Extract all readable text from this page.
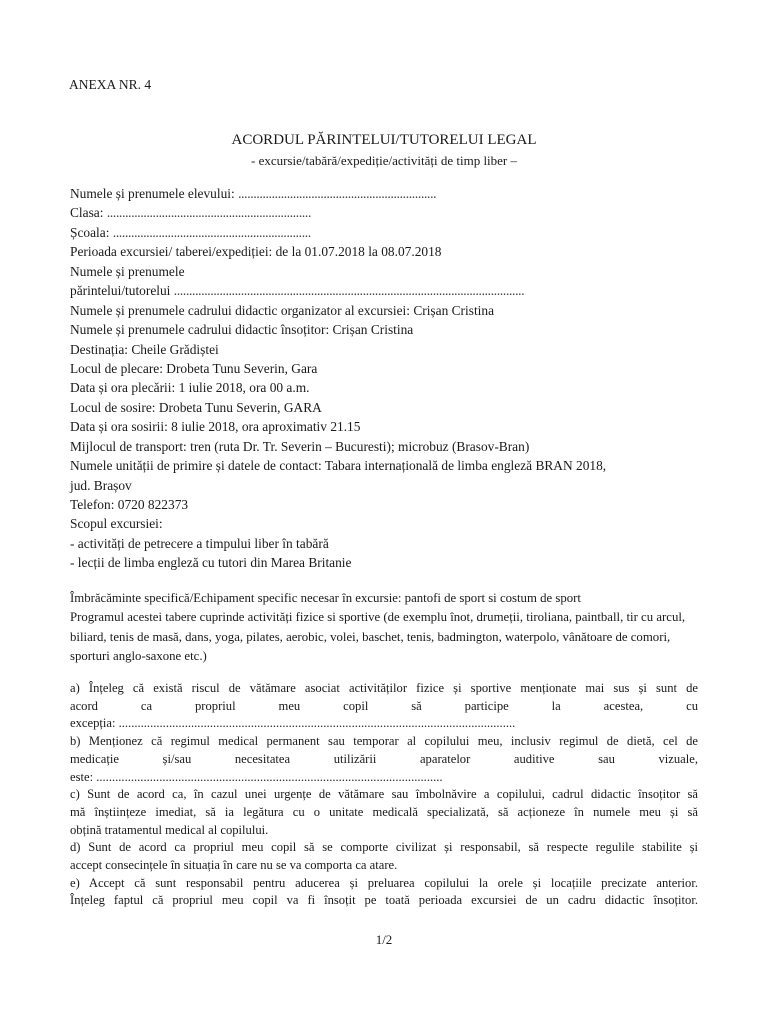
ANEXA NR. 4
ACORDUL PĂRINTELUI/TUTORELUI LEGAL
- excursie/tabără/expediție/activități de timp liber –
Numele și prenumele elevului: .................................................................
Clasa: ...................................................................
Școala: .................................................................
Perioada excursiei/ taberei/expediției: de la 01.07.2018 la 08.07.2018
Numele și prenumele
părintelui/tutorelui ...................................................................................................................
Numele și prenumele cadrului didactic organizator al excursiei: Crișan Cristina
Numele și prenumele cadrului didactic însoțitor: Crișan Cristina
Destinația: Cheile Grădiștei
Locul de plecare: Drobeta Tunu Severin, Gara
Data și ora plecării: 1 iulie 2018, ora 00 a.m.
Locul de sosire: Drobeta Tunu Severin, GARA
Data și ora sosirii: 8 iulie 2018, ora aproximativ 21.15
Mijlocul de transport: tren (ruta Dr. Tr. Severin – Bucuresti); microbuz (Brasov-Bran)
Numele unității de primire și datele de contact: Tabara internațională de limba engleză BRAN 2018,
jud. Brașov
Telefon: 0720 822373
Scopul excursiei:
- activități de petrecere a timpului liber în tabără
- lecții de limba engleză cu tutori din Marea Britanie
Îmbrăcăminte specifică/Echipament specific necesar în excursie: pantofi de sport si costum de sport
Programul acestei tabere cuprinde activități fizice si sportive (de exemplu înot, drumeții, tiroliana, paintball, tir cu arcul, biliard, tenis de masă, dans, yoga, pilates, aerobic, volei, baschet, tenis, badmington, waterpolo, vânătoare de comori, sporturi anglo-saxone etc.)

a) Înțeleg că există riscul de vătămare asociat activităților fizice și sportive menționate mai sus și sunt de

acord ca propriul meu copil să participe la acestea, cu

excepția: ..............................................................................................................................

b) Menționez că regimul medical permanent sau temporar al copilului meu, inclusiv regimul de dietă, cel de

medicație și/sau necesitatea utilizării aparatelor auditive sau vizuale,

este: ..............................................................................................................

c) Sunt de acord ca, în cazul unei urgențe de vătămare sau îmbolnăvire a copilului, cadrul didactic însoțitor să

mă înștiințeze imediat, să ia legătura cu o unitate medicală specializată, să acționeze în numele meu și să

obțină tratamentul medical al copilului.

d) Sunt de acord ca propriul meu copil să se comporte civilizat și responsabil, să respecte regulile stabilite și

accept consecințele în situația în care nu se va comporta ca atare.

e) Accept că sunt responsabil pentru aducerea și preluarea copilului la orele și locațiile precizate anterior.

Înțeleg faptul că propriul meu copil va fi însoțit pe toată perioada excursiei de un cadru didactic însoțitor.

1/2
